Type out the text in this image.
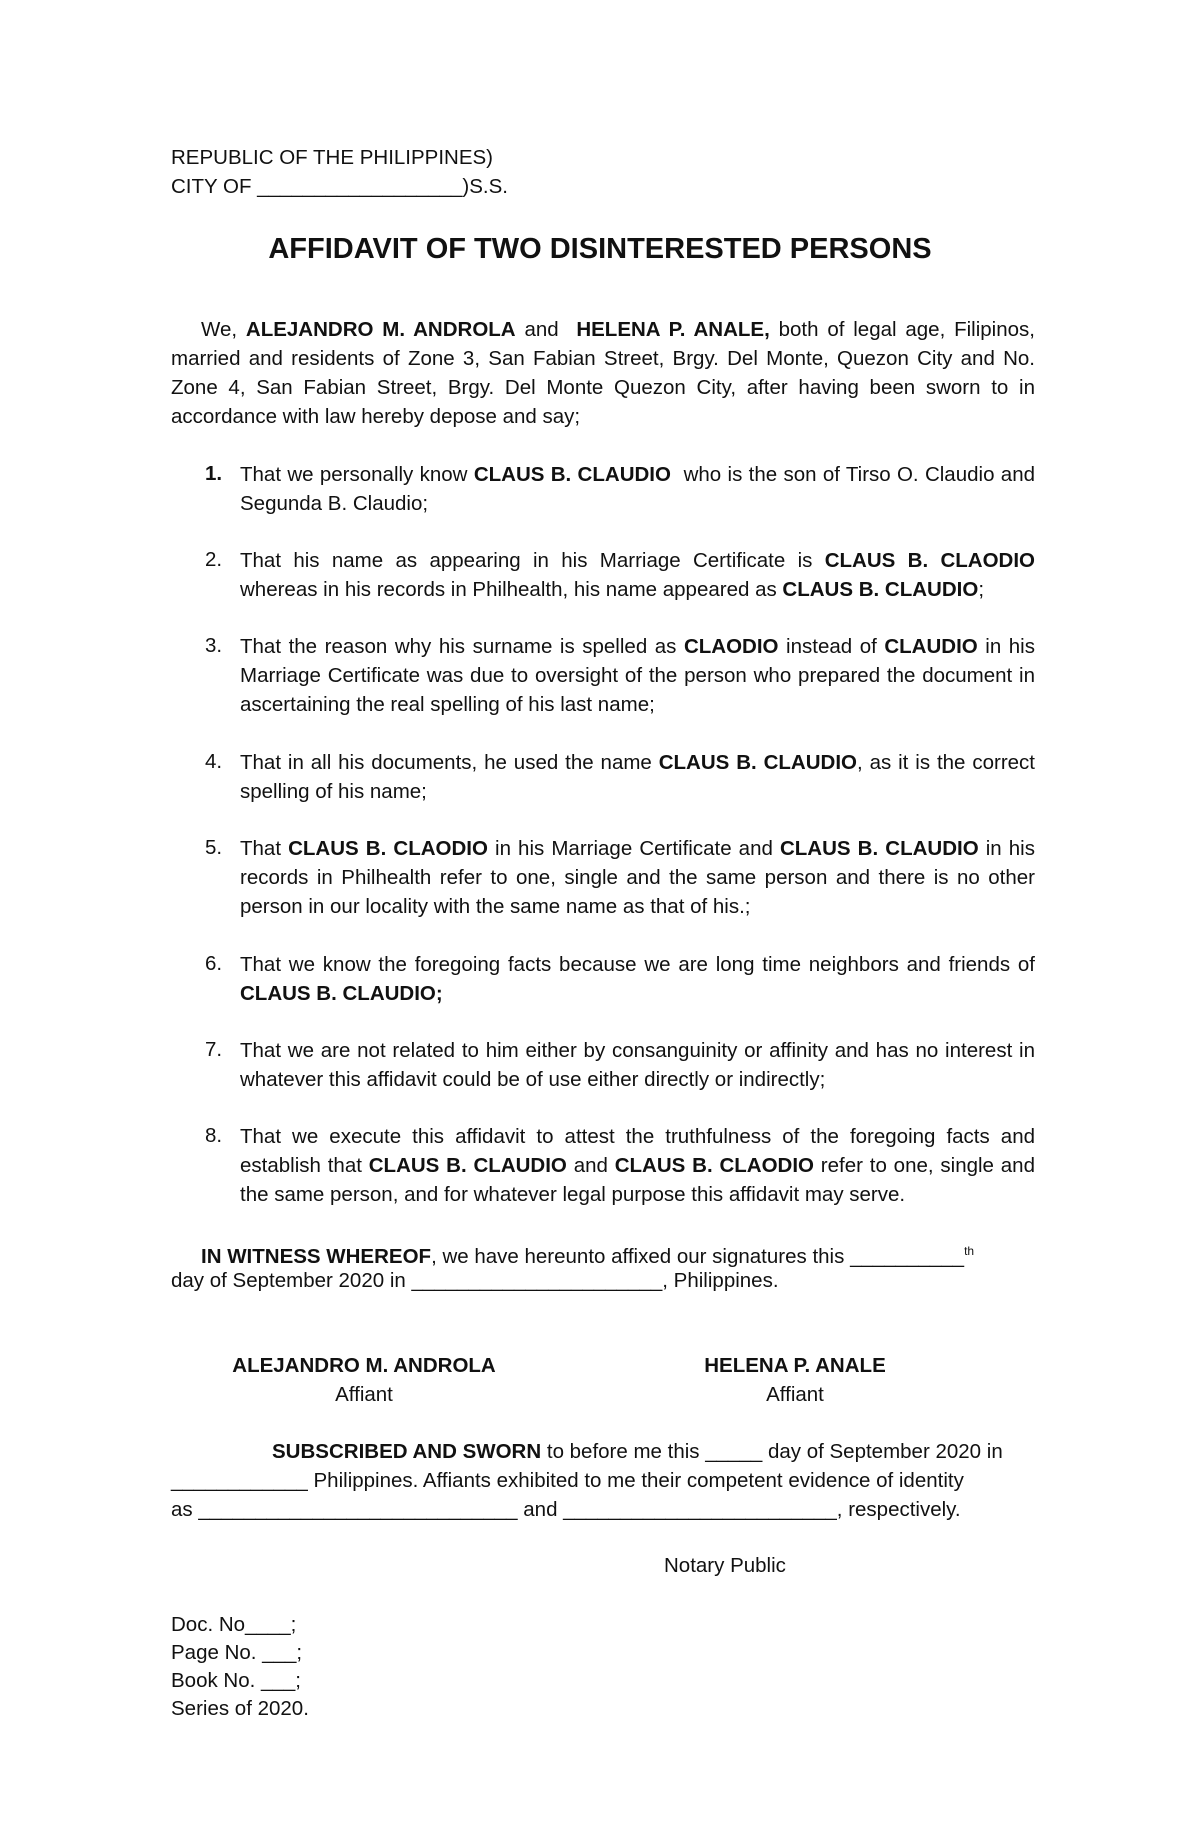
REPUBLIC OF THE PHILIPPINES)
CITY OF __________________)S.S.
AFFIDAVIT OF TWO DISINTERESTED PERSONS
We, ALEJANDRO M. ANDROLA and HELENA P. ANALE, both of legal age, Filipinos, married and residents of Zone 3, San Fabian Street, Brgy. Del Monte, Quezon City and No. Zone 4, San Fabian Street, Brgy. Del Monte Quezon City, after having been sworn to in accordance with law hereby depose and say;
1. That we personally know CLAUS B. CLAUDIO  who is the son of Tirso O. Claudio and Segunda B. Claudio;
2. That his name as appearing in his Marriage Certificate is CLAUS B. CLAODIO whereas in his records in Philhealth, his name appeared as CLAUS B. CLAUDIO;
3. That the reason why his surname is spelled as CLAODIO instead of CLAUDIO in his Marriage Certificate was due to oversight of the person who prepared the document in ascertaining the real spelling of his last name;
4. That in all his documents, he used the name CLAUS B. CLAUDIO, as it is the correct spelling of his name;
5. That CLAUS B. CLAODIO in his Marriage Certificate and CLAUS B. CLAUDIO in his records in Philhealth refer to one, single and the same person and there is no other person in our locality with the same name as that of his.;
6. That we know the foregoing facts because we are long time neighbors and friends of CLAUS B. CLAUDIO;
7. That we are not related to him either by consanguinity or affinity and has no interest in whatever this affidavit could be of use either directly or indirectly;
8. That we execute this affidavit to attest the truthfulness of the foregoing facts and establish that CLAUS B. CLAUDIO and CLAUS B. CLAODIO refer to one, single and the same person, and for whatever legal purpose this affidavit may serve.
IN WITNESS WHEREOF, we have hereunto affixed our signatures this __________$^{th}$
day of September 2020 in ______________________, Philippines.
ALEJANDRO M. ANDROLA
Affiant
HELENA P. ANALE
Affiant
SUBSCRIBED AND SWORN to before me this _____ day of September 2020 in
____________ Philippines. Affiants exhibited to me their competent evidence of identity
as ____________________________ and ________________________, respectively.
Notary Public
Doc. No____;
Page No. ___;
Book No. ___;
Series of 2020.
